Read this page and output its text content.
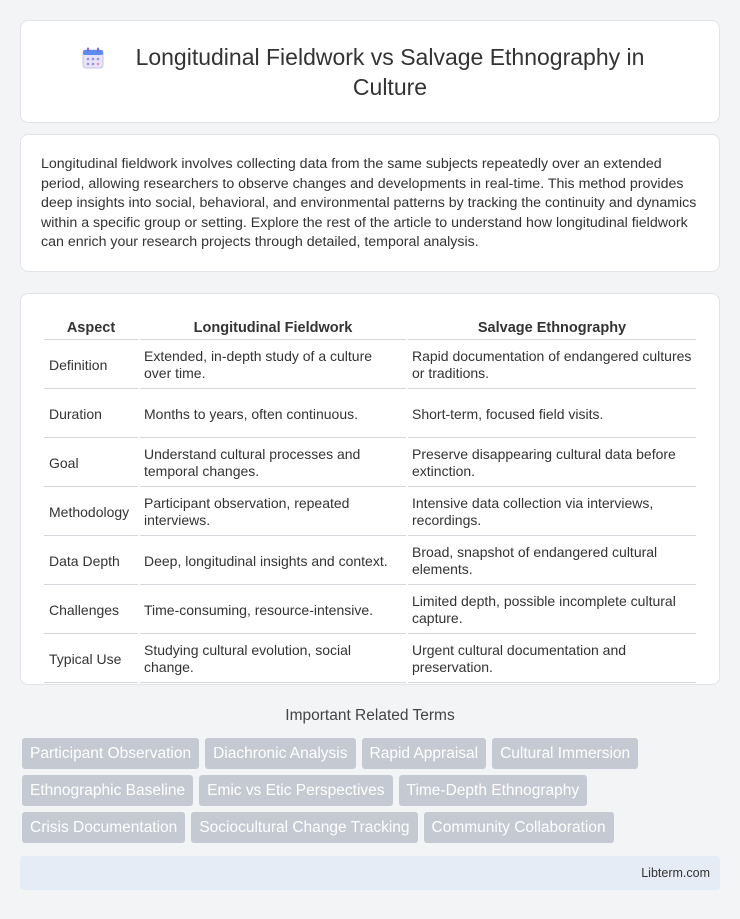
Longitudinal Fieldwork vs Salvage Ethnography in Culture

Longitudinal fieldwork involves collecting data from the same subjects repeatedly over an extended period, allowing researchers to observe changes and developments in real-time. This method provides deep insights into social, behavioral, and environmental patterns by tracking the continuity and dynamics within a specific group or setting. Explore the rest of the article to understand how longitudinal fieldwork can enrich your research projects through detailed, temporal analysis.

Aspect	Longitudinal Fieldwork	Salvage Ethnography
Definition	Extended, in-depth study of a culture over time.	Rapid documentation of endangered cultures or traditions.
Duration	Months to years, often continuous.	Short-term, focused field visits.
Goal	Understand cultural processes and temporal changes.	Preserve disappearing cultural data before extinction.
Methodology	Participant observation, repeated interviews.	Intensive data collection via interviews, recordings.
Data Depth	Deep, longitudinal insights and context.	Broad, snapshot of endangered cultural elements.
Challenges	Time-consuming, resource-intensive.	Limited depth, possible incomplete cultural capture.
Typical Use	Studying cultural evolution, social change.	Urgent cultural documentation and preservation.
Important Related Terms
Participant Observation	Diachronic Analysis	Rapid Appraisal	Cultural Immersion
Ethnographic Baseline	Emic vs Etic Perspectives	Time-Depth Ethnography
Crisis Documentation	Sociocultural Change Tracking	Community Collaboration
Libterm.com
